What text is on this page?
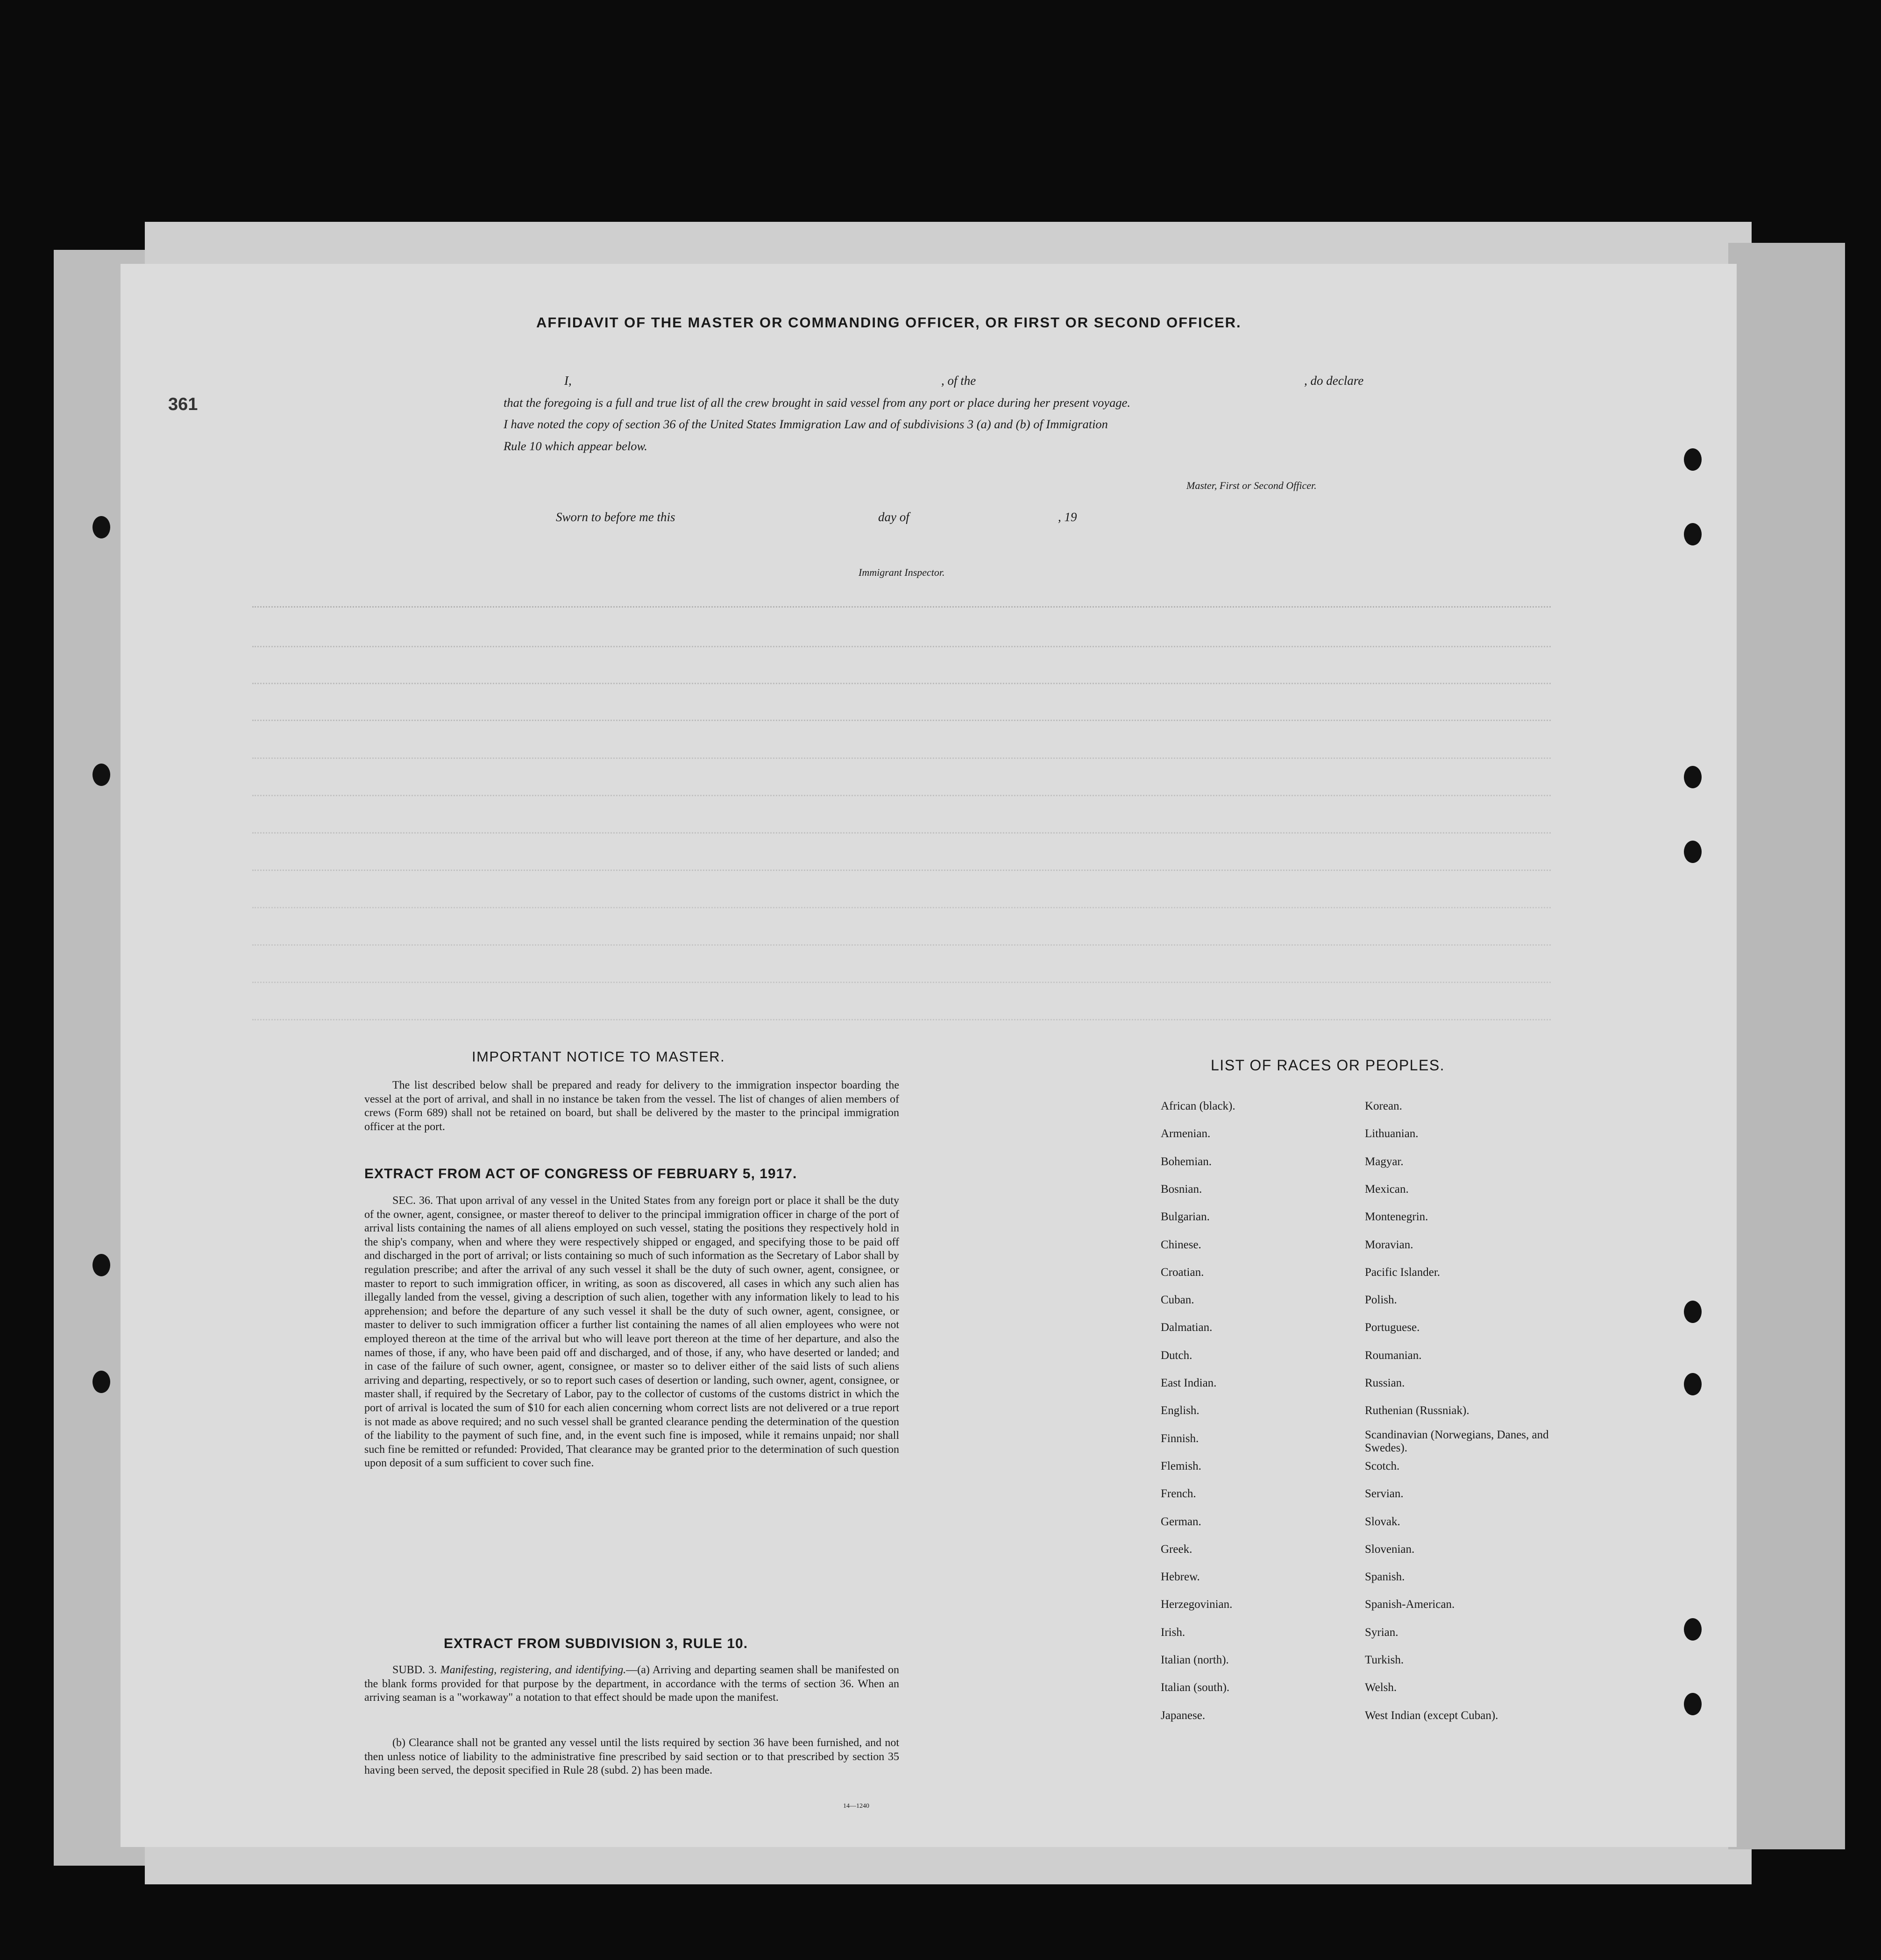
361
AFFIDAVIT OF THE MASTER OR COMMANDING OFFICER, OR FIRST OR SECOND OFFICER.
I,	, of the	, do declare
that the foregoing is a full and true list of all the crew brought in said vessel from any port or place during her present voyage.
I have noted the copy of section 36 of the United States Immigration Law and of subdivisions 3 (a) and (b) of Immigration
Rule 10 which appear below.
Master, First or Second Officer.
Sworn to before me this	day of	, 19
Immigrant Inspector.
IMPORTANT NOTICE TO MASTER.
The list described below shall be prepared and ready for delivery to the immigration inspector boarding the vessel at the port of arrival, and shall in no instance be taken from the vessel. The list of changes of alien members of crews (Form 689) shall not be retained on board, but shall be delivered by the master to the principal immigration officer at the port.
EXTRACT FROM ACT OF CONGRESS OF FEBRUARY 5, 1917.
SEC. 36. That upon arrival of any vessel in the United States from any foreign port or place it shall be the duty of the owner, agent, consignee, or master thereof to deliver to the principal immigration officer in charge of the port of arrival lists containing the names of all aliens employed on such vessel, stating the positions they respectively hold in the ship's company, when and where they were respectively shipped or engaged, and specifying those to be paid off and discharged in the port of arrival; or lists containing so much of such information as the Secretary of Labor shall by regulation prescribe; and after the arrival of any such vessel it shall be the duty of such owner, agent, consignee, or master to report to such immigration officer, in writing, as soon as discovered, all cases in which any such alien has illegally landed from the vessel, giving a description of such alien, together with any information likely to lead to his apprehension; and before the departure of any such vessel it shall be the duty of such owner, agent, consignee, or master to deliver to such immigration officer a further list containing the names of all alien employees who were not employed thereon at the time of the arrival but who will leave port thereon at the time of her departure, and also the names of those, if any, who have been paid off and discharged, and of those, if any, who have deserted or landed; and in case of the failure of such owner, agent, consignee, or master so to deliver either of the said lists of such aliens arriving and departing, respectively, or so to report such cases of desertion or landing, such owner, agent, consignee, or master shall, if required by the Secretary of Labor, pay to the collector of customs of the customs district in which the port of arrival is located the sum of $10 for each alien concerning whom correct lists are not delivered or a true report is not made as above required; and no such vessel shall be granted clearance pending the determination of the question of the liability to the payment of such fine, and, in the event such fine is imposed, while it remains unpaid; nor shall such fine be remitted or refunded: Provided, That clearance may be granted prior to the determination of such question upon deposit of a sum sufficient to cover such fine.
EXTRACT FROM SUBDIVISION 3, RULE 10.
SUBD. 3. Manifesting, registering, and identifying.—(a) Arriving and departing seamen shall be manifested on the blank forms provided for that purpose by the department, in accordance with the terms of section 36. When an arriving seaman is a "workaway" a notation to that effect should be made upon the manifest.
(b) Clearance shall not be granted any vessel until the lists required by section 36 have been furnished, and not then unless notice of liability to the administrative fine prescribed by said section or to that prescribed by section 35 having been served, the deposit specified in Rule 28 (subd. 2) has been made.
14—1240
LIST OF RACES OR PEOPLES.
African (black).
Armenian.
Bohemian.
Bosnian.
Bulgarian.
Chinese.
Croatian.
Cuban.
Dalmatian.
Dutch.
East Indian.
English.
Finnish.
Flemish.
French.
German.
Greek.
Hebrew.
Herzegovinian.
Irish.
Italian (north).
Italian (south).
Japanese.
Korean.
Lithuanian.
Magyar.
Mexican.
Montenegrin.
Moravian.
Pacific Islander.
Polish.
Portuguese.
Roumanian.
Russian.
Ruthenian (Russniak).
Scandinavian (Norwegians, Danes, and Swedes).
Scotch.
Servian.
Slovak.
Slovenian.
Spanish.
Spanish-American.
Syrian.
Turkish.
Welsh.
West Indian (except Cuban).
